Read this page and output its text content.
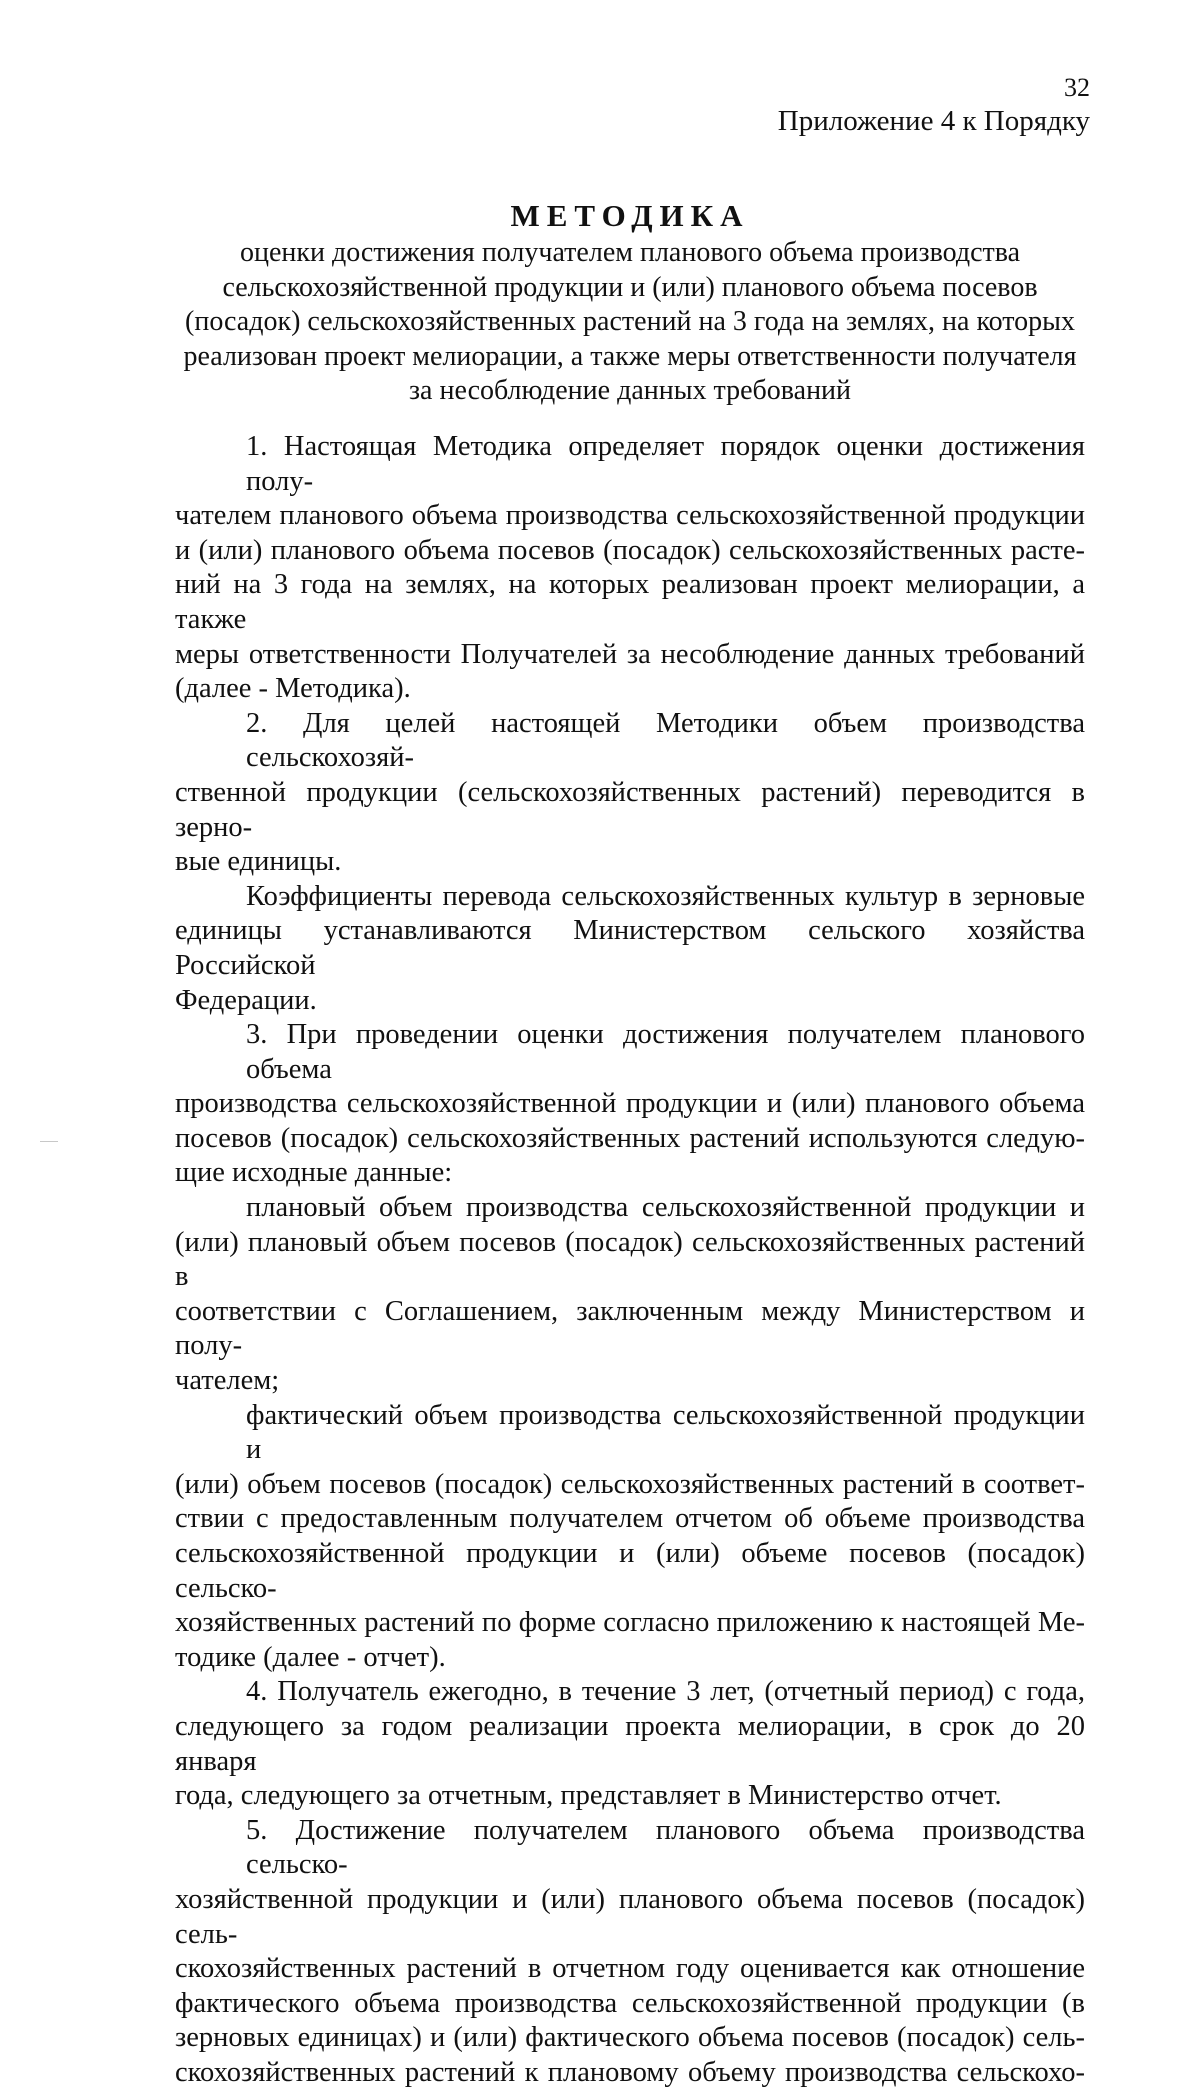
32
Приложение 4 к Порядку
МЕТОДИКА
оценки достижения получателем планового объема производства
сельскохозяйственной продукции и (или) планового объема посевов
(посадок) сельскохозяйственных растений на 3 года на землях, на которых
реализован проект мелиорации, а также меры ответственности получателя
за несоблюдение данных требований
1. Настоящая Методика определяет порядок оценки достижения полу-
чателем планового объема производства сельскохозяйственной продукции
и (или) планового объема посевов (посадок) сельскохозяйственных расте-
ний на 3 года на землях, на которых реализован проект мелиорации, а также
меры ответственности Получателей за несоблюдение данных требований
(далее - Методика).
2. Для целей настоящей Методики объем производства сельскохозяй-
ственной продукции (сельскохозяйственных растений) переводится в зерно-
вые единицы.
Коэффициенты перевода сельскохозяйственных культур в зерновые
единицы устанавливаются Министерством сельского хозяйства Российской
Федерации.
3. При проведении оценки достижения получателем планового объема
производства сельскохозяйственной продукции и (или) планового объема
посевов (посадок) сельскохозяйственных растений используются следую-
щие исходные данные:
плановый объем производства сельскохозяйственной продукции и
(или) плановый объем посевов (посадок) сельскохозяйственных растений в
соответствии с Соглашением, заключенным между Министерством и полу-
чателем;
фактический объем производства сельскохозяйственной продукции и
(или) объем посевов (посадок) сельскохозяйственных растений в соответ-
ствии с предоставленным получателем отчетом об объеме производства
сельскохозяйственной продукции и (или) объеме посевов (посадок) сельско-
хозяйственных растений по форме согласно приложению к настоящей Ме-
тодике (далее - отчет).
4. Получатель ежегодно, в течение 3 лет, (отчетный период) с года,
следующего за годом реализации проекта мелиорации, в срок до 20 января
года, следующего за отчетным, представляет в Министерство отчет.
5. Достижение получателем планового объема производства сельско-
хозяйственной продукции и (или) планового объема посевов (посадок) сель-
скохозяйственных растений в отчетном году оценивается как отношение
фактического объема производства сельскохозяйственной продукции (в
зерновых единицах) и (или) фактического объема посевов (посадок) сель-
скохозяйственных растений к плановому объему производства сельскохо-
